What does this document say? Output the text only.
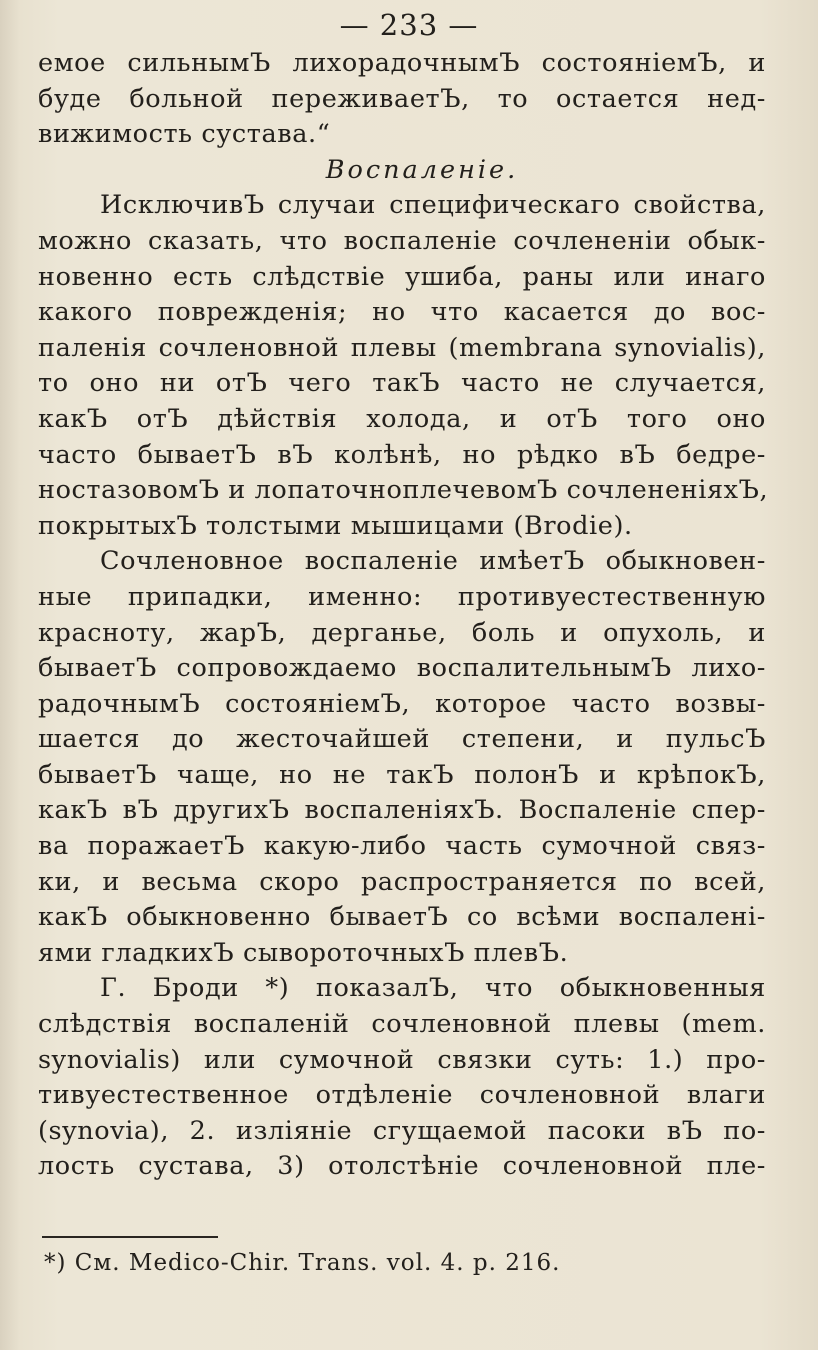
— 233 —
емое сильнымЪ лихорадочнымЪ состояніемЪ, и
буде больной переживаетЪ, то остается нед-
вижимость сустава.“
Воспаленіе.
ИсключивЪ случаи специфическаго свойства,
можно сказать, что воспаленіе сочлененіи обык-
новенно есть слѣдствіе ушиба, раны или инаго
какого поврежденія; но что касается до вос-
паленія сочленовной плевы (membrana synovialis),
то оно ни отЪ чего такЪ часто не случается,
какЪ отЪ дѣйствія холода, и отЪ того оно
часто бываетЪ вЪ колѣнѣ, но рѣдко вЪ бедре-
ностазовомЪ и лопаточноплечевомЪ сочлененіяхЪ,
покрытыхЪ толстыми мышицами (Brodie).
Сочленовное воспаленіе имѣетЪ обыкновен-
ные припадки, именно: противуестественную
красноту, жарЪ, дерганье, боль и опухоль, и
бываетЪ сопровождаемо воспалительнымЪ лихо-
радочнымЪ состояніемЪ, которое часто возвы-
шается до жесточайшей степени, и пульсЪ
бываетЪ чаще, но не такЪ полонЪ и крѣпокЪ,
какЪ вЪ другихЪ воспаленіяхЪ. Воспаленіе спер-
ва поражаетЪ какую-либо часть сумочной связ-
ки, и весьма скоро распространяется по всей,
какЪ обыкновенно бываетЪ со всѣми воспалені-
ями гладкихЪ сывороточныхЪ плевЪ.
Г. Броди *) показалЪ, что обыкновенныя
слѣдствія воспаленій сочленовной плевы (mem.
synovialis) или сумочной связки суть: 1.) про-
тивуестественное отдѣленіе сочленовной влаги
(synovia), 2. изліяніе сгущаемой пасоки вЪ по-
лость сустава, 3) отолстѣніе сочленовной пле-
*) См. Medico-Chir. Trans. vol. 4. p. 216.
